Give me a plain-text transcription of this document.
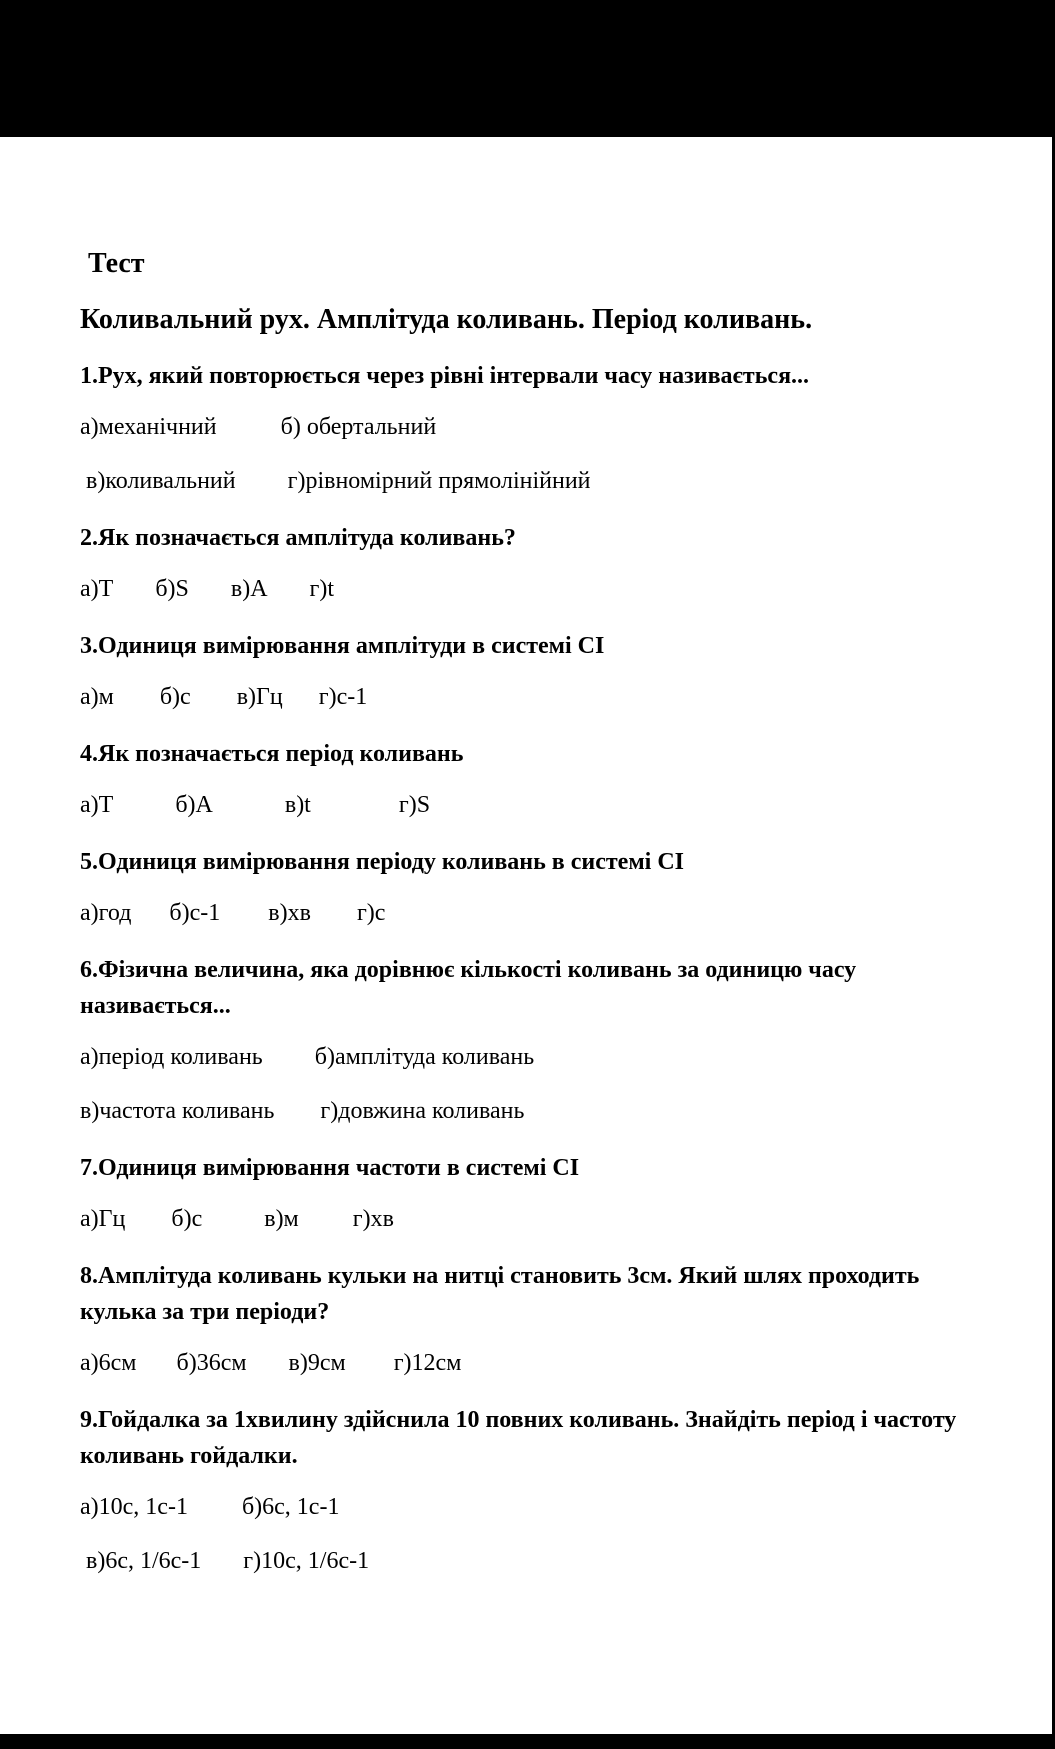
Тест
Коливальний рух. Амплітуда коливань. Період коливань.
1.Рух, який повторюється через рівні інтервали часу називається...
а)механічний	б) обертальний
в)коливальний г)рівномірний прямолінійний
2.Як позначається амплітуда коливань?
а)T б)S в)A г)t
3.Одиниця вимірювання амплітуди в системі СІ
а)м б)с в)Гц г)с-1
4.Як позначається період коливань
а)T	б)A	в)t	г)S
5.Одиниця вимірювання періоду коливань в системі СІ
а)год б)с-1 в)хв г)с
6.Фізична величина, яка дорівнює кількості коливань за одиницю часу називається...
а)період коливань б)амплітуда коливань
в)частота коливань г)довжина коливань
7.Одиниця вимірювання частоти в системі СІ
а)Гц б)с	в)м г)хв
8.Амплітуда коливань кульки на нитці становить 3см. Який шлях проходить кулька за три періоди?
а)6см б)36см в)9см г)12см
9.Гойдалка за 1хвилину здійснила 10 повних коливань. Знайдіть період і частоту коливань гойдалки.
а)10с, 1с-1 б)6с, 1с-1
в)6с, 1/6с-1 г)10с, 1/6с-1
